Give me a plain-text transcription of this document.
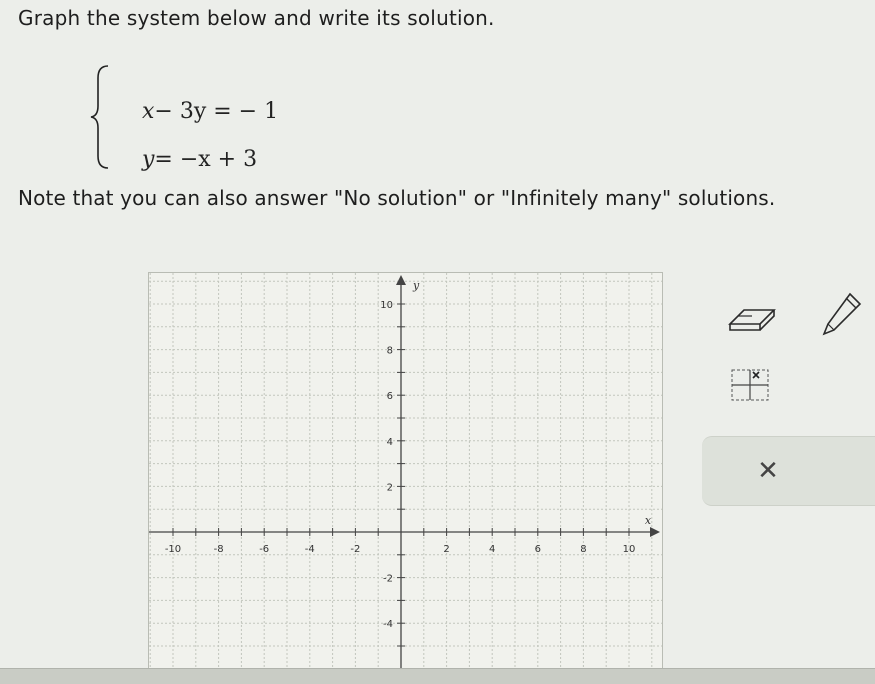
Graph the system below and write its solution.

x− 3y = − 1

y= −x + 3

Note that you can also answer "No solution" or "Infinitely many" solutions.

-10	-8	-6	-4	-2	2	4	6	8	10
10
8
6
4
2
-2
-4
x
y
✕
